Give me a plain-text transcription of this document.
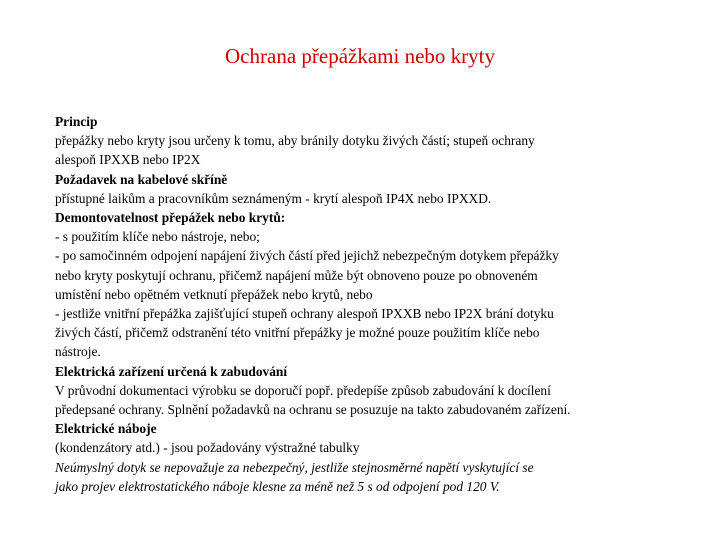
Ochrana přepážkami nebo kryty
Princip
přepážky nebo kryty jsou určeny k tomu, aby bránily dotyku živých částí; stupeň ochrany
alespoň IPXXB nebo IP2X
Požadavek na kabelové skříně
přístupné laikům a pracovníkům seznámeným - krytí alespoň IP4X nebo IPXXD.
Demontovatelnost přepážek nebo krytů:
- s použitím klíče nebo nástroje, nebo;
- po samočinném odpojení napájení živých částí před jejichž nebezpečným dotykem přepážky
nebo kryty poskytují ochranu, přičemž napájení může být obnoveno pouze po obnoveném
umístění nebo opětném vetknutí přepážek nebo krytů, nebo
- jestliže vnitřní přepážka zajišťující stupeň ochrany alespoň IPXXB nebo IP2X brání dotyku
živých částí, přičemž odstranění této vnitřní přepážky je možné pouze použitím klíče nebo
nástroje.
Elektrická zařízení určená k zabudování
V průvodní dokumentaci výrobku se doporučí popř. předepíše způsob zabudování k docílení
předepsané ochrany. Splnění požadavků na ochranu se posuzuje na takto zabudovaném zařízení.
Elektrické náboje
(kondenzátory atd.) - jsou požadovány výstražné tabulky
Neúmyslný dotyk se nepovažuje za nebezpečný, jestliže stejnosměrné napětí vyskytující se
jako projev elektrostatického náboje klesne za méně než 5 s od odpojení pod 120 V.
